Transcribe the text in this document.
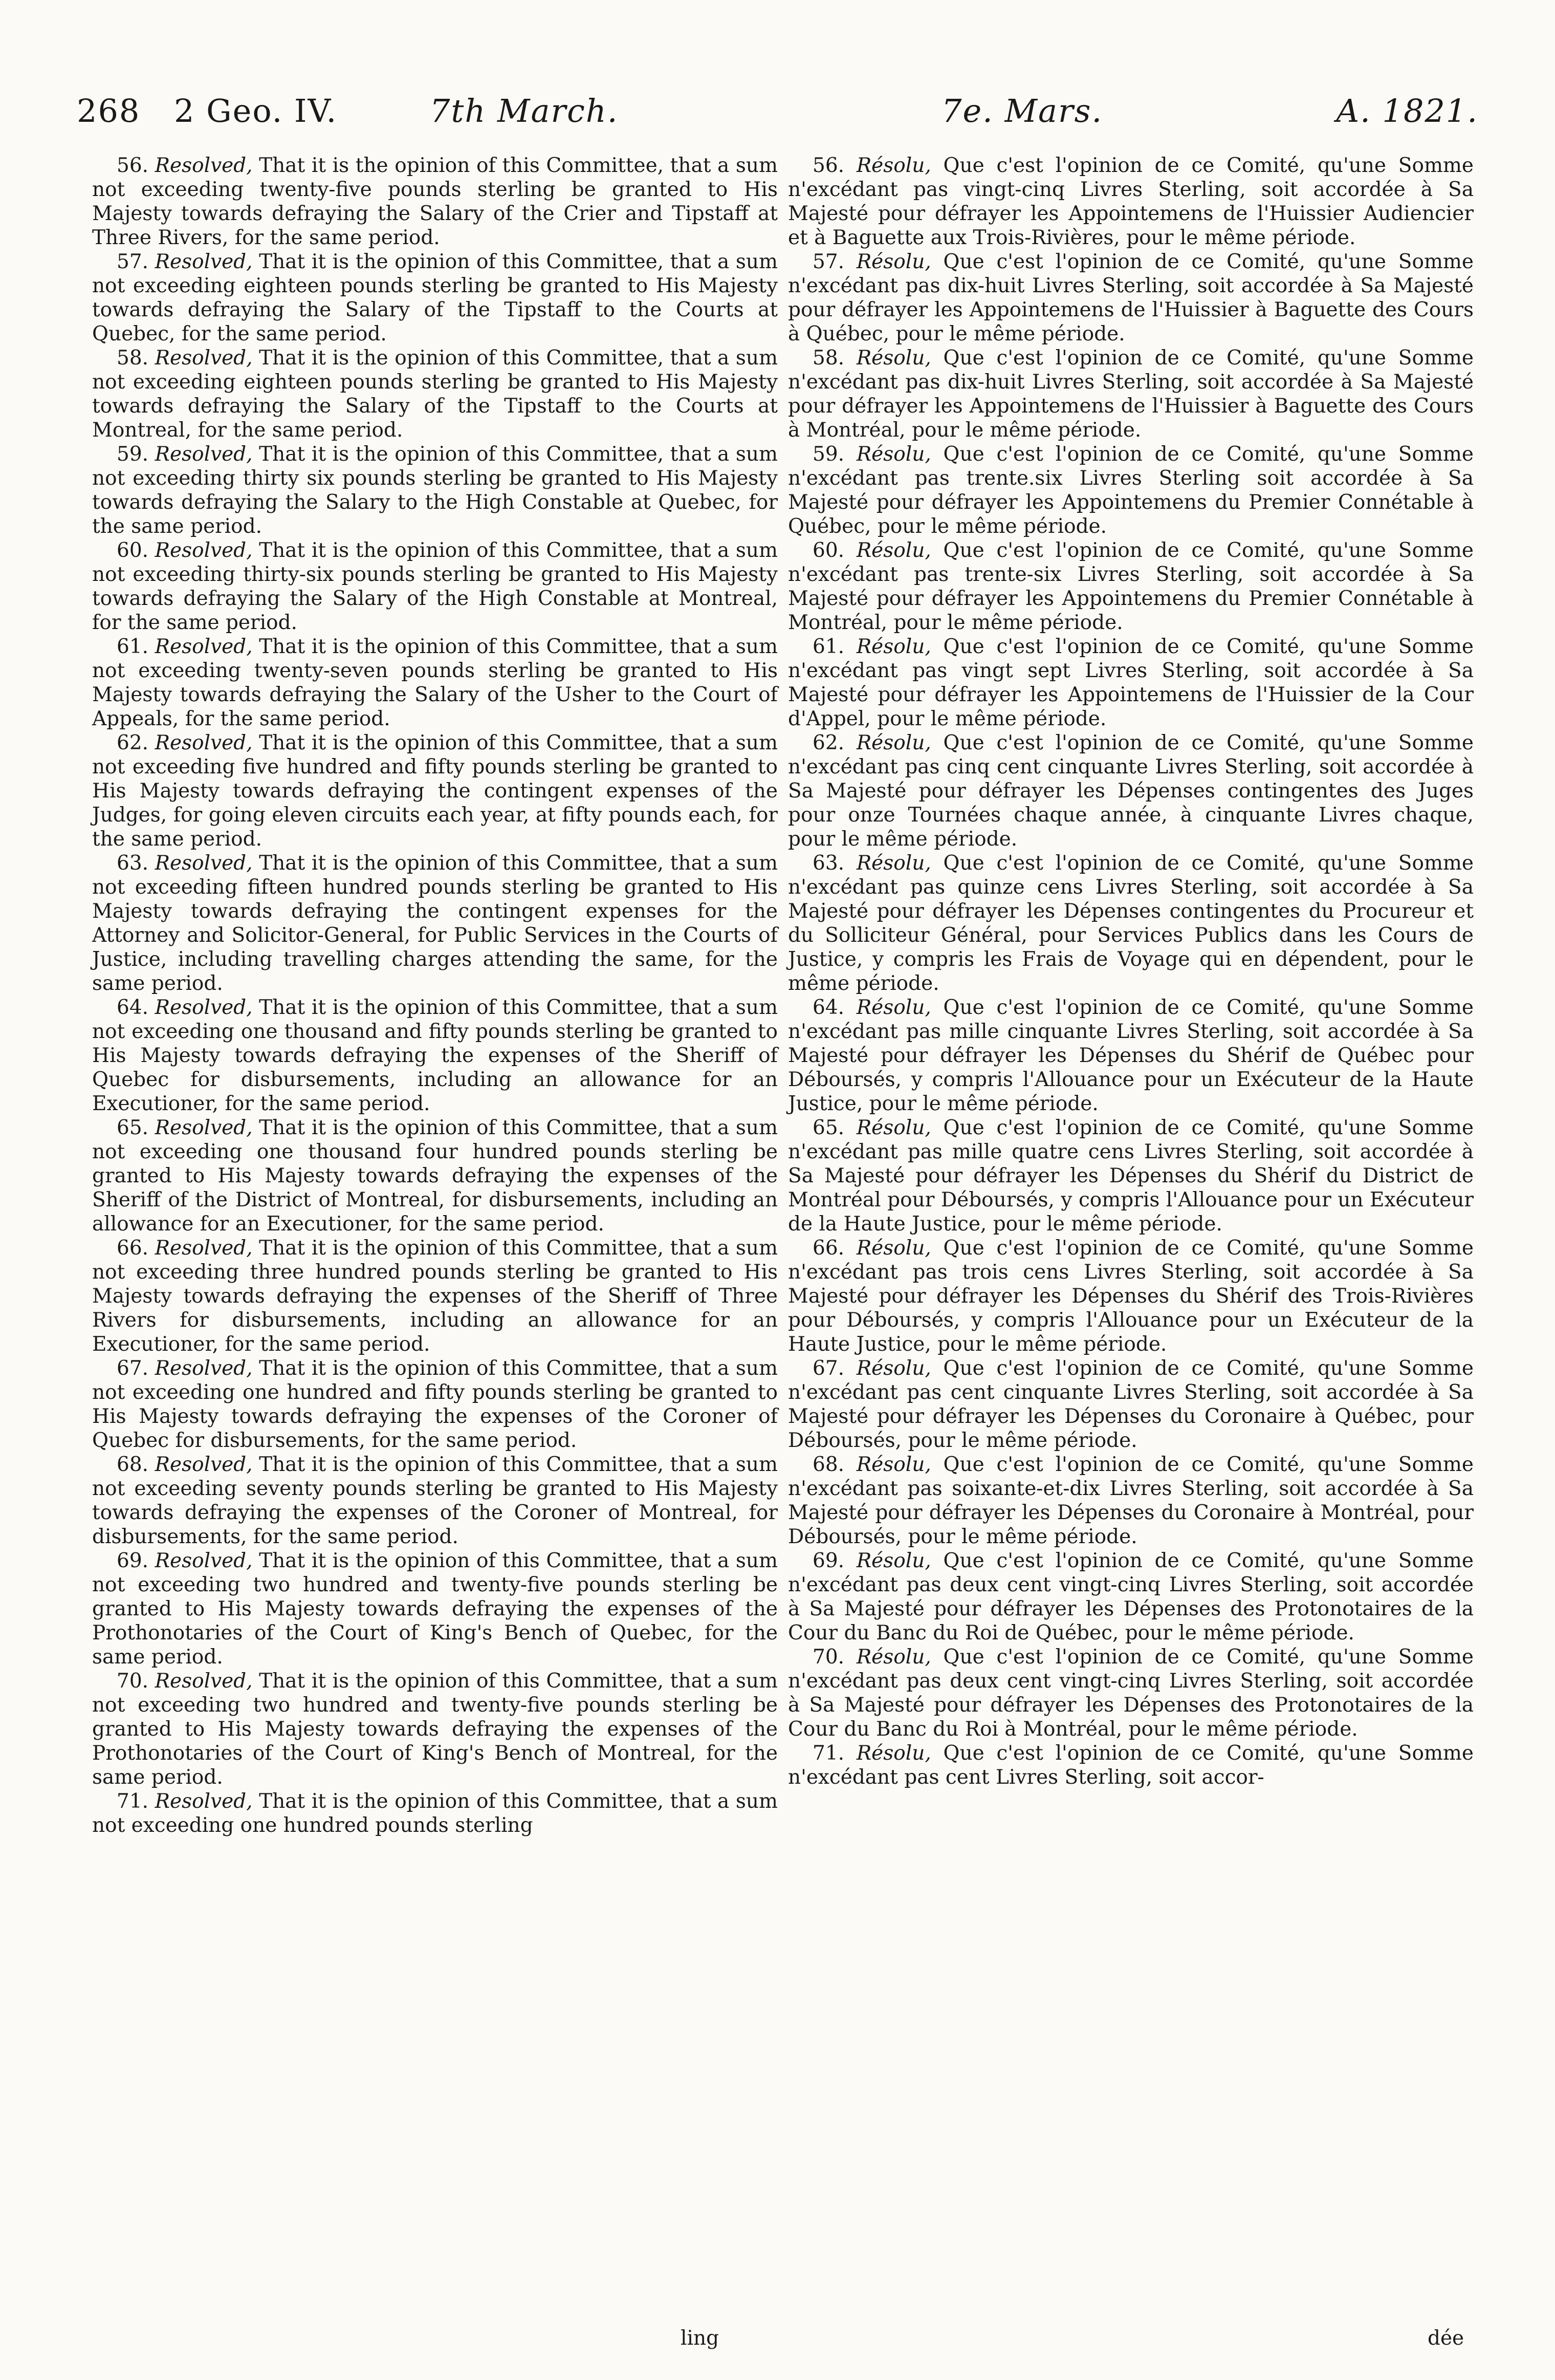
268 2 Geo. IV.	7th March.	7e. Mars.	A. 1821.

56. Resolved, That it is the opinion of this Committee, that a sum not exceeding twenty-five pounds sterling be granted to His Majesty towards defraying the Salary of the Crier and Tipstaff at Three Rivers, for the same period.

57. Resolved, That it is the opinion of this Committee, that a sum not exceeding eighteen pounds sterling be granted to His Majesty towards defraying the Salary of the Tipstaff to the Courts at Quebec, for the same period.

58. Resolved, That it is the opinion of this Committee, that a sum not exceeding eighteen pounds sterling be granted to His Majesty towards defraying the Salary of the Tipstaff to the Courts at Montreal, for the same period.

59. Resolved, That it is the opinion of this Committee, that a sum not exceeding thirty six pounds sterling be granted to His Majesty towards defraying the Salary to the High Constable at Quebec, for the same period.

60. Resolved, That it is the opinion of this Committee, that a sum not exceeding thirty-six pounds sterling be granted to His Majesty towards defraying the Salary of the High Constable at Montreal, for the same period.

61. Resolved, That it is the opinion of this Committee, that a sum not exceeding twenty-seven pounds sterling be granted to His Majesty towards defraying the Salary of the Usher to the Court of Appeals, for the same period.

62. Resolved, That it is the opinion of this Committee, that a sum not exceeding five hundred and fifty pounds sterling be granted to His Majesty towards defraying the contingent expenses of the Judges, for going eleven circuits each year, at fifty pounds each, for the same period.

63. Resolved, That it is the opinion of this Committee, that a sum not exceeding fifteen hundred pounds sterling be granted to His Majesty towards defraying the contingent expenses for the Attorney and Solicitor-General, for Public Services in the Courts of Justice, including travelling charges attending the same, for the same period.

64. Resolved, That it is the opinion of this Committee, that a sum not exceeding one thousand and fifty pounds sterling be granted to His Majesty towards defraying the expenses of the Sheriff of Quebec for disbursements, including an allowance for an Executioner, for the same period.

65. Resolved, That it is the opinion of this Committee, that a sum not exceeding one thousand four hundred pounds sterling be granted to His Majesty towards defraying the expenses of the Sheriff of the District of Montreal, for disbursements, including an allowance for an Executioner, for the same period.

66. Resolved, That it is the opinion of this Committee, that a sum not exceeding three hundred pounds sterling be granted to His Majesty towards defraying the expenses of the Sheriff of Three Rivers for disbursements, including an allowance for an Executioner, for the same period.

67. Resolved, That it is the opinion of this Committee, that a sum not exceeding one hundred and fifty pounds sterling be granted to His Majesty towards defraying the expenses of the Coroner of Quebec for disbursements, for the same period.

68. Resolved, That it is the opinion of this Committee, that a sum not exceeding seventy pounds sterling be granted to His Majesty towards defraying the expenses of the Coroner of Montreal, for disbursements, for the same period.

69. Resolved, That it is the opinion of this Committee, that a sum not exceeding two hundred and twenty-five pounds sterling be granted to His Majesty towards defraying the expenses of the Prothonotaries of the Court of King's Bench of Quebec, for the same period.

70. Resolved, That it is the opinion of this Committee, that a sum not exceeding two hundred and twenty-five pounds sterling be granted to His Majesty towards defraying the expenses of the Prothonotaries of the Court of King's Bench of Montreal, for the same period.

71. Resolved, That it is the opinion of this Committee, that a sum not exceeding one hundred pounds sterling

56. Résolu, Que c'est l'opinion de ce Comité, qu'une Somme n'excédant pas vingt-cinq Livres Sterling, soit accordée à Sa Majesté pour défrayer les Appointemens de l'Huissier Audiencier et à Baguette aux Trois-Rivières, pour le même période.

57. Résolu, Que c'est l'opinion de ce Comité, qu'une Somme n'excédant pas dix-huit Livres Sterling, soit accordée à Sa Majesté pour défrayer les Appointemens de l'Huissier à Baguette des Cours à Québec, pour le même période.

58. Résolu, Que c'est l'opinion de ce Comité, qu'une Somme n'excédant pas dix-huit Livres Sterling, soit accordée à Sa Majesté pour défrayer les Appointemens de l'Huissier à Baguette des Cours à Montréal, pour le même période.

59. Résolu, Que c'est l'opinion de ce Comité, qu'une Somme n'excédant pas trente.six Livres Sterling soit accordée à Sa Majesté pour défrayer les Appointemens du Premier Connétable à Québec, pour le même période.

60. Résolu, Que c'est l'opinion de ce Comité, qu'une Somme n'excédant pas trente-six Livres Sterling, soit accordée à Sa Majesté pour défrayer les Appointemens du Premier Connétable à Montréal, pour le même période.

61. Résolu, Que c'est l'opinion de ce Comité, qu'une Somme n'excédant pas vingt sept Livres Sterling, soit accordée à Sa Majesté pour défrayer les Appointemens de l'Huissier de la Cour d'Appel, pour le même période.

62. Résolu, Que c'est l'opinion de ce Comité, qu'une Somme n'excédant pas cinq cent cinquante Livres Sterling, soit accordée à Sa Majesté pour défrayer les Dépenses contingentes des Juges pour onze Tournées chaque année, à cinquante Livres chaque, pour le même période.

63. Résolu, Que c'est l'opinion de ce Comité, qu'une Somme n'excédant pas quinze cens Livres Sterling, soit accordée à Sa Majesté pour défrayer les Dépenses contingentes du Procureur et du Solliciteur Général, pour Services Publics dans les Cours de Justice, y compris les Frais de Voyage qui en dépendent, pour le même période.

64. Résolu, Que c'est l'opinion de ce Comité, qu'une Somme n'excédant pas mille cinquante Livres Sterling, soit accordée à Sa Majesté pour défrayer les Dépenses du Shérif de Québec pour Déboursés, y compris l'Allouance pour un Exécuteur de la Haute Justice, pour le même période.

65. Résolu, Que c'est l'opinion de ce Comité, qu'une Somme n'excédant pas mille quatre cens Livres Sterling, soit accordée à Sa Majesté pour défrayer les Dépenses du Shérif du District de Montréal pour Déboursés, y compris l'Allouance pour un Exécuteur de la Haute Justice, pour le même période.

66. Résolu, Que c'est l'opinion de ce Comité, qu'une Somme n'excédant pas trois cens Livres Sterling, soit accordée à Sa Majesté pour défrayer les Dépenses du Shérif des Trois-Rivières pour Déboursés, y compris l'Allouance pour un Exécuteur de la Haute Justice, pour le même période.

67. Résolu, Que c'est l'opinion de ce Comité, qu'une Somme n'excédant pas cent cinquante Livres Sterling, soit accordée à Sa Majesté pour défrayer les Dépenses du Coronaire à Québec, pour Déboursés, pour le même période.

68. Résolu, Que c'est l'opinion de ce Comité, qu'une Somme n'excédant pas soixante-et-dix Livres Sterling, soit accordée à Sa Majesté pour défrayer les Dépenses du Coronaire à Montréal, pour Déboursés, pour le même période.

69. Résolu, Que c'est l'opinion de ce Comité, qu'une Somme n'excédant pas deux cent vingt-cinq Livres Sterling, soit accordée à Sa Majesté pour défrayer les Dépenses des Protonotaires de la Cour du Banc du Roi de Québec, pour le même période.

70. Résolu, Que c'est l'opinion de ce Comité, qu'une Somme n'excédant pas deux cent vingt-cinq Livres Sterling, soit accordée à Sa Majesté pour défrayer les Dépenses des Protonotaires de la Cour du Banc du Roi à Montréal, pour le même période.

71. Résolu, Que c'est l'opinion de ce Comité, qu'une Somme n'excédant pas cent Livres Sterling, soit accor-

ling	dée
